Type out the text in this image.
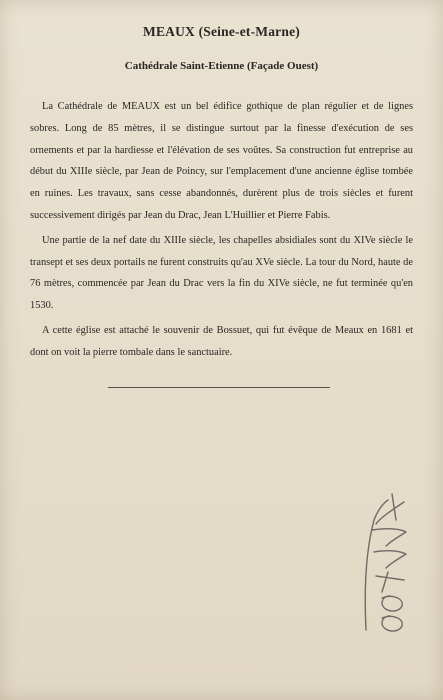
MEAUX (Seine-et-Marne)
Cathédrale Saint-Etienne (Façade Ouest)

La Cathédrale de MEAUX est un bel édifice gothique de plan régulier et de lignes sobres. Long de 85 mètres, il se distingue surtout par la finesse d'exécution de ses ornements et par la hardiesse et l'élévation de ses voûtes. Sa construction fut entreprise au début du XIIIe siècle, par Jean de Poincy, sur l'emplacement d'une ancienne église tombée en ruines. Les travaux, sans cesse abandonnés, durèrent plus de trois siècles et furent successivement dirigés par Jean du Drac, Jean L'Huillier et Pierre Fabis.

Une partie de la nef date du XIIIe siècle, les chapelles absidiales sont du XIVe siècle le transept et ses deux portails ne furent construits qu'au XVe siècle. La tour du Nord, haute de 76 mètres, commencée par Jean du Drac vers la fin du XIVe siècle, ne fut terminée qu'en 1530.

A cette église est attaché le souvenir de Bossuet, qui fut évêque de Meaux en 1681 et dont on voit la pierre tombale dans le sanctuaire.
